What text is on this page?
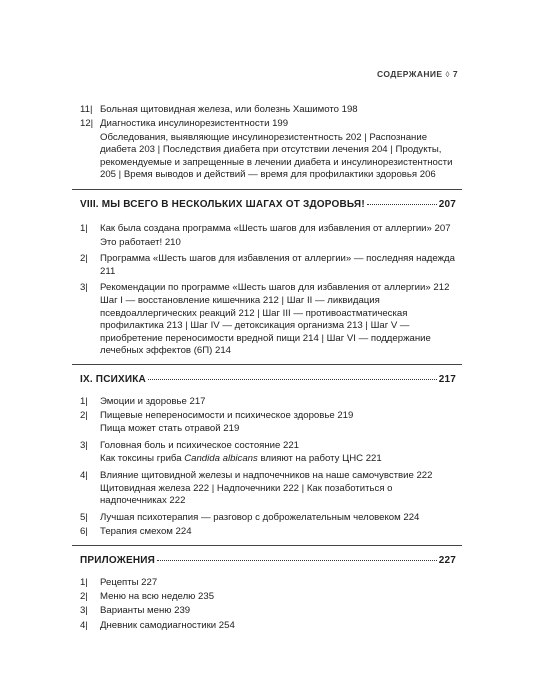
СОДЕРЖАНИЕ ◊ 7
11| Больная щитовидная железа, или болезнь Хашимото 198
12| Диагностика инсулинорезистентности 199
Обследования, выявляющие инсулинорезистентность 202 | Распознание диабета 203 | Последствия диабета при отсутствии лечения 204 | Продукты, рекомендуемые и запрещенные в лечении диабета и инсулинорезистентности 205 | Время выводов и действий — время для профилактики здоровья 206
VIII. МЫ ВСЕГО В НЕСКОЛЬКИХ ШАГАХ ОТ ЗДОРОВЬЯ!	207
1|	Как была создана программа «Шесть шагов для избавления от аллергии» 207
Это работает! 210
2|	Программа «Шесть шагов для избавления от аллергии» — последняя надежда 211
3|	Рекомендации по программе «Шесть шагов для избавления от аллергии» 212
Шаг I — восстановление кишечника 212 | Шаг II — ликвидация псевдоаллергических реакций 212 | Шаг III — противоастматическая профилактика 213 | Шаг IV — детоксикация организма 213 | Шаг V — приобретение переносимости вредной пищи 214 | Шаг VI — поддержание лечебных эффектов (6П) 214
IX. ПСИХИКА	217
1|	Эмоции и здоровье 217
2|	Пищевые непереносимости и психическое здоровье 219
Пища может стать отравой 219
3|	Головная боль и психическое состояние 221
Как токсины гриба Candida albicans влияют на работу ЦНС 221
4|	Влияние щитовидной железы и надпочечников на наше самочувствие 222
Щитовидная железа 222 | Надпочечники 222 | Как позаботиться о надпочечниках 222
5|	Лучшая психотерапия — разговор с доброжелательным человеком 224
6|	Терапия смехом 224
ПРИЛОЖЕНИЯ	227
1|	Рецепты 227
2|	Меню на всю неделю 235
3|	Варианты меню 239
4|	Дневник самодиагностики 254
